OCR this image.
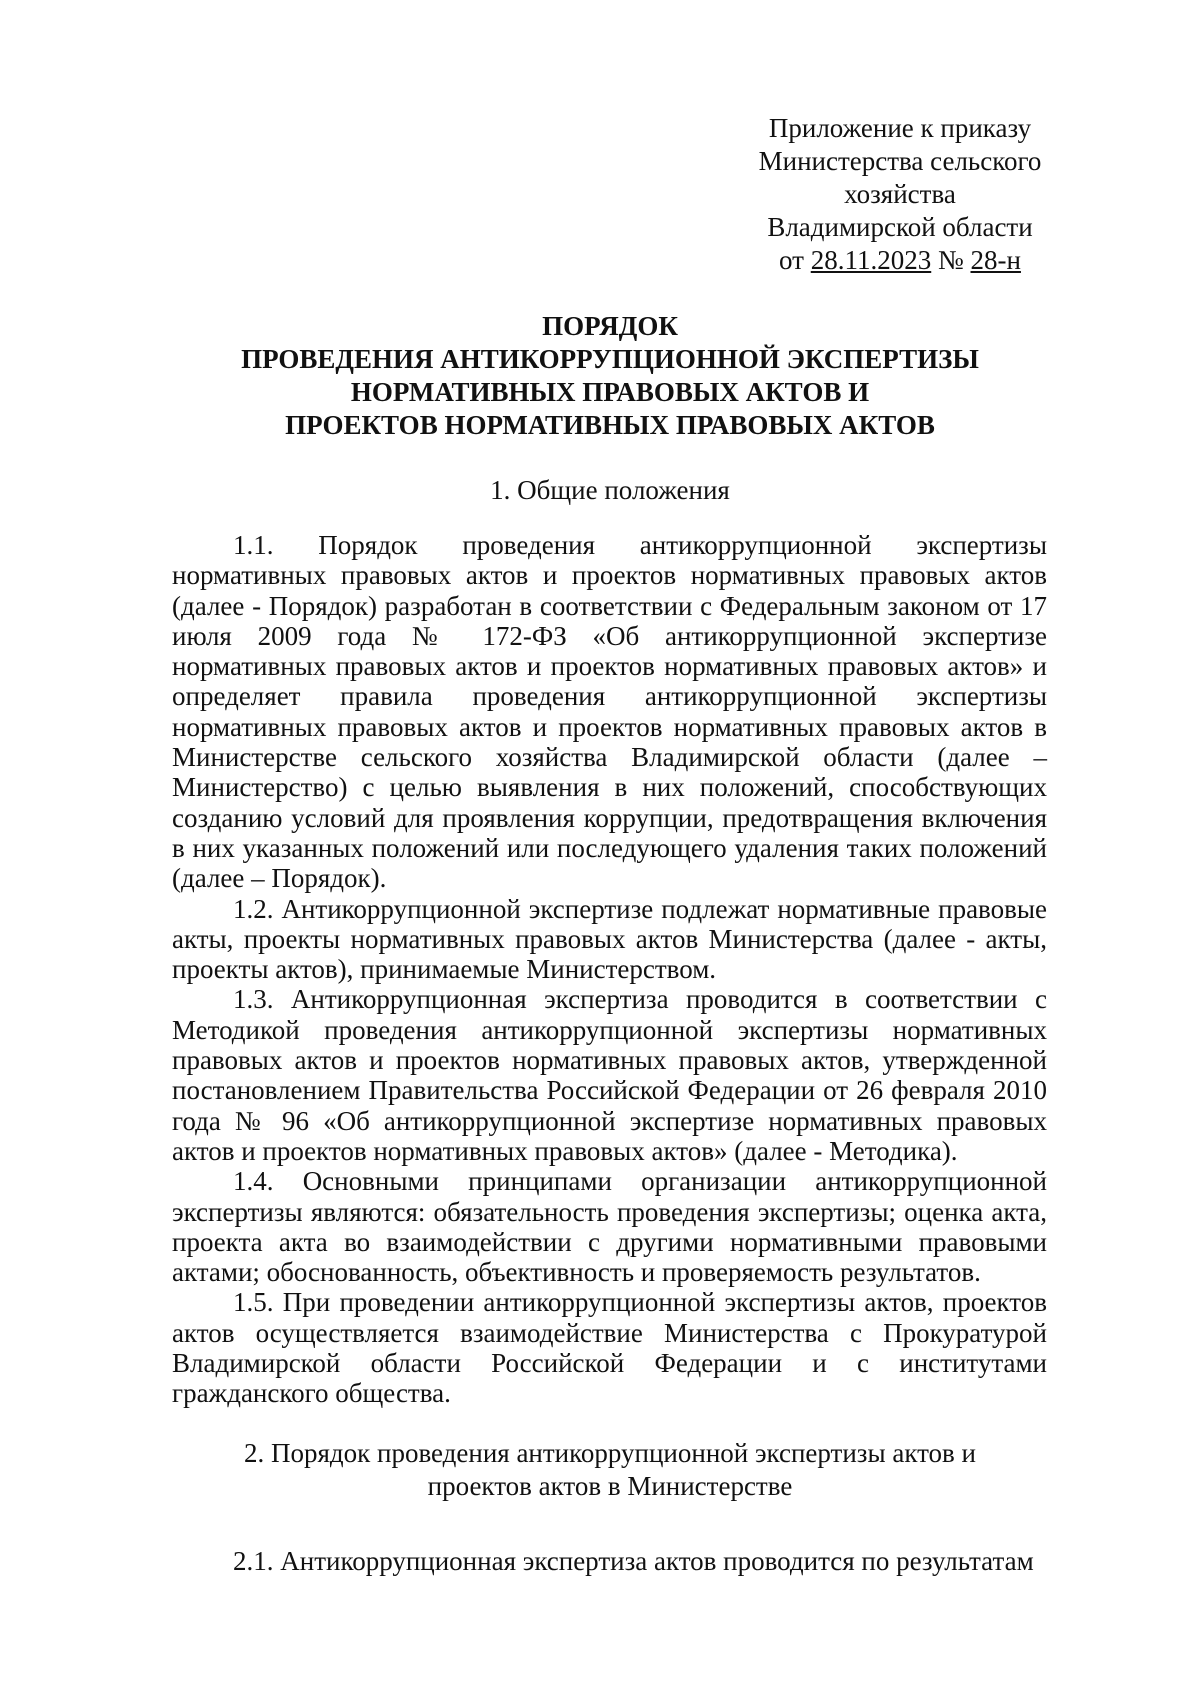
Приложение к приказу
Министерства сельского хозяйства
Владимирской области
от 28.11.2023 № 28-н
ПОРЯДОК
ПРОВЕДЕНИЯ АНТИКОРРУПЦИОННОЙ ЭКСПЕРТИЗЫ
НОРМАТИВНЫХ ПРАВОВЫХ АКТОВ И
ПРОЕКТОВ НОРМАТИВНЫХ ПРАВОВЫХ АКТОВ
1. Общие положения

1.1. Порядок проведения антикоррупционной экспертизы нормативных правовых актов и проектов нормативных правовых актов (далее - Порядок) разработан в соответствии с Федеральным законом от 17 июля 2009 года № 172-ФЗ «Об антикоррупционной экспертизе нормативных правовых актов и проектов нормативных правовых актов» и определяет правила проведения антикоррупционной экспертизы нормативных правовых актов и проектов нормативных правовых актов в Министерстве сельского хозяйства Владимирской области (далее – Министерство) с целью выявления в них положений, способствующих созданию условий для проявления коррупции, предотвращения включения в них указанных положений или последующего удаления таких положений (далее – Порядок).

1.2. Антикоррупционной экспертизе подлежат нормативные правовые акты, проекты нормативных правовых актов Министерства (далее - акты, проекты актов), принимаемые Министерством.

1.3. Антикоррупционная экспертиза проводится в соответствии с Методикой проведения антикоррупционной экспертизы нормативных правовых актов и проектов нормативных правовых актов, утвержденной постановлением Правительства Российской Федерации от 26 февраля 2010 года № 96 «Об антикоррупционной экспертизе нормативных правовых актов и проектов нормативных правовых актов» (далее - Методика).

1.4. Основными принципами организации антикоррупционной экспертизы являются: обязательность проведения экспертизы; оценка акта, проекта акта во взаимодействии с другими нормативными правовыми актами; обоснованность, объективность и проверяемость результатов.

1.5. При проведении антикоррупционной экспертизы актов, проектов актов осуществляется взаимодействие Министерства с Прокуратурой Владимирской области Российской Федерации и с институтами гражданского общества.

2. Порядок проведения антикоррупционной экспертизы актов и
проектов актов в Министерстве

2.1. Антикоррупционная экспертиза актов проводится по результатам
